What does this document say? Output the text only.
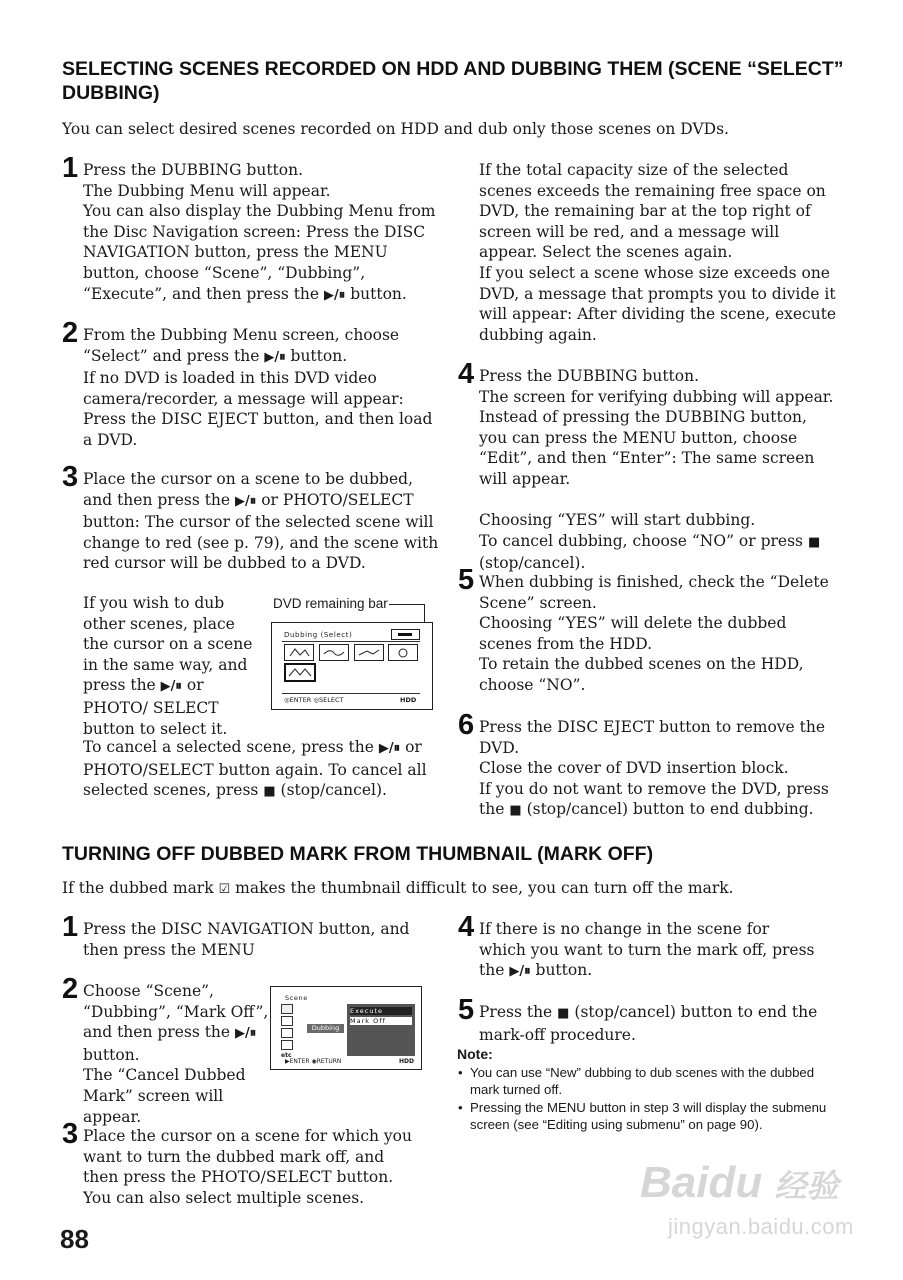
SELECTING SCENES RECORDED ON HDD AND DUBBING THEM (SCENE “SELECT” DUBBING)

You can select desired scenes recorded on HDD and dub only those scenes on DVDs.

1 Press the DUBBING button.

The Dubbing Menu will appear.

You can also display the Dubbing Menu from the Disc Navigation screen: Press the DISC NAVIGATION button, press the MENU button, choose “Scene”, “Dubbing”, “Execute”, and then press the ▶/⏸ button.

2 From the Dubbing Menu screen, choose “Select” and press the ▶/⏸ button.

If no DVD is loaded in this DVD video camera/recorder, a message will appear: Press the DISC EJECT button, and then load a DVD.

3 Place the cursor on a scene to be dubbed, and then press the ▶/⏸ or PHOTO/SELECT button: The cursor of the selected scene will change to red (see p. 79), and the scene with red cursor will be dubbed to a DVD.

If you wish to dub other scenes, place the cursor on a scene in the same way, and press the ▶/⏸ or PHOTO/ SELECT button to select it.

To cancel a selected scene, press the ▶/⏸ or PHOTO/SELECT button again. To cancel all selected scenes, press ■ (stop/cancel).

DVD remaining bar
Dubbing (Select)
◎ENTER ◎SELECT	HDD

If the total capacity size of the selected scenes exceeds the remaining free space on DVD, the remaining bar at the top right of screen will be red, and a message will appear. Select the scenes again.

If you select a scene whose size exceeds one DVD, a message that prompts you to divide it will appear: After dividing the scene, execute dubbing again.

4 Press the DUBBING button.

The screen for verifying dubbing will appear.

Instead of pressing the DUBBING button, you can press the MENU button, choose “Edit”, and then “Enter”: The same screen will appear.

Choosing “YES” will start dubbing.

To cancel dubbing, choose “NO” or press ■ (stop/cancel).

5 When dubbing is finished, check the “Delete Scene” screen.

Choosing “YES” will delete the dubbed scenes from the HDD.

To retain the dubbed scenes on the HDD, choose “NO”.

6 Press the DISC EJECT button to remove the DVD.

Close the cover of DVD insertion block.

If you do not want to remove the DVD, press the ■ (stop/cancel) button to end dubbing.

TURNING OFF DUBBED MARK FROM THUMBNAIL (MARK OFF)

If the dubbed mark ☑ makes the thumbnail difficult to see, you can turn off the mark.

1 Press the DISC NAVIGATION button, and then press the MENU

2 Choose “Scene”, “Dubbing”, “Mark Off”, and then press the ▶/⏸ button.

The “Cancel Dubbed Mark” screen will appear.

Scene
etc
Dubbing
Execute
Mark Off
▶ENTER ◉RETURN	HDD
3 Place the cursor on a scene for which you want to turn the dubbed mark off, and then press the PHOTO/SELECT button.

You can also select multiple scenes.

4 If there is no change in the scene for which you want to turn the mark off, press the ▶/⏸ button.

5 Press the ■ (stop/cancel) button to end the mark-off procedure.

Note:
• You can use “New” dubbing to dub scenes with the dubbed mark turned off.
• Pressing the MENU button in step 3 will display the submenu screen (see “Editing using submenu” on page 90).
88
Baidu 经验
jingyan.baidu.com
